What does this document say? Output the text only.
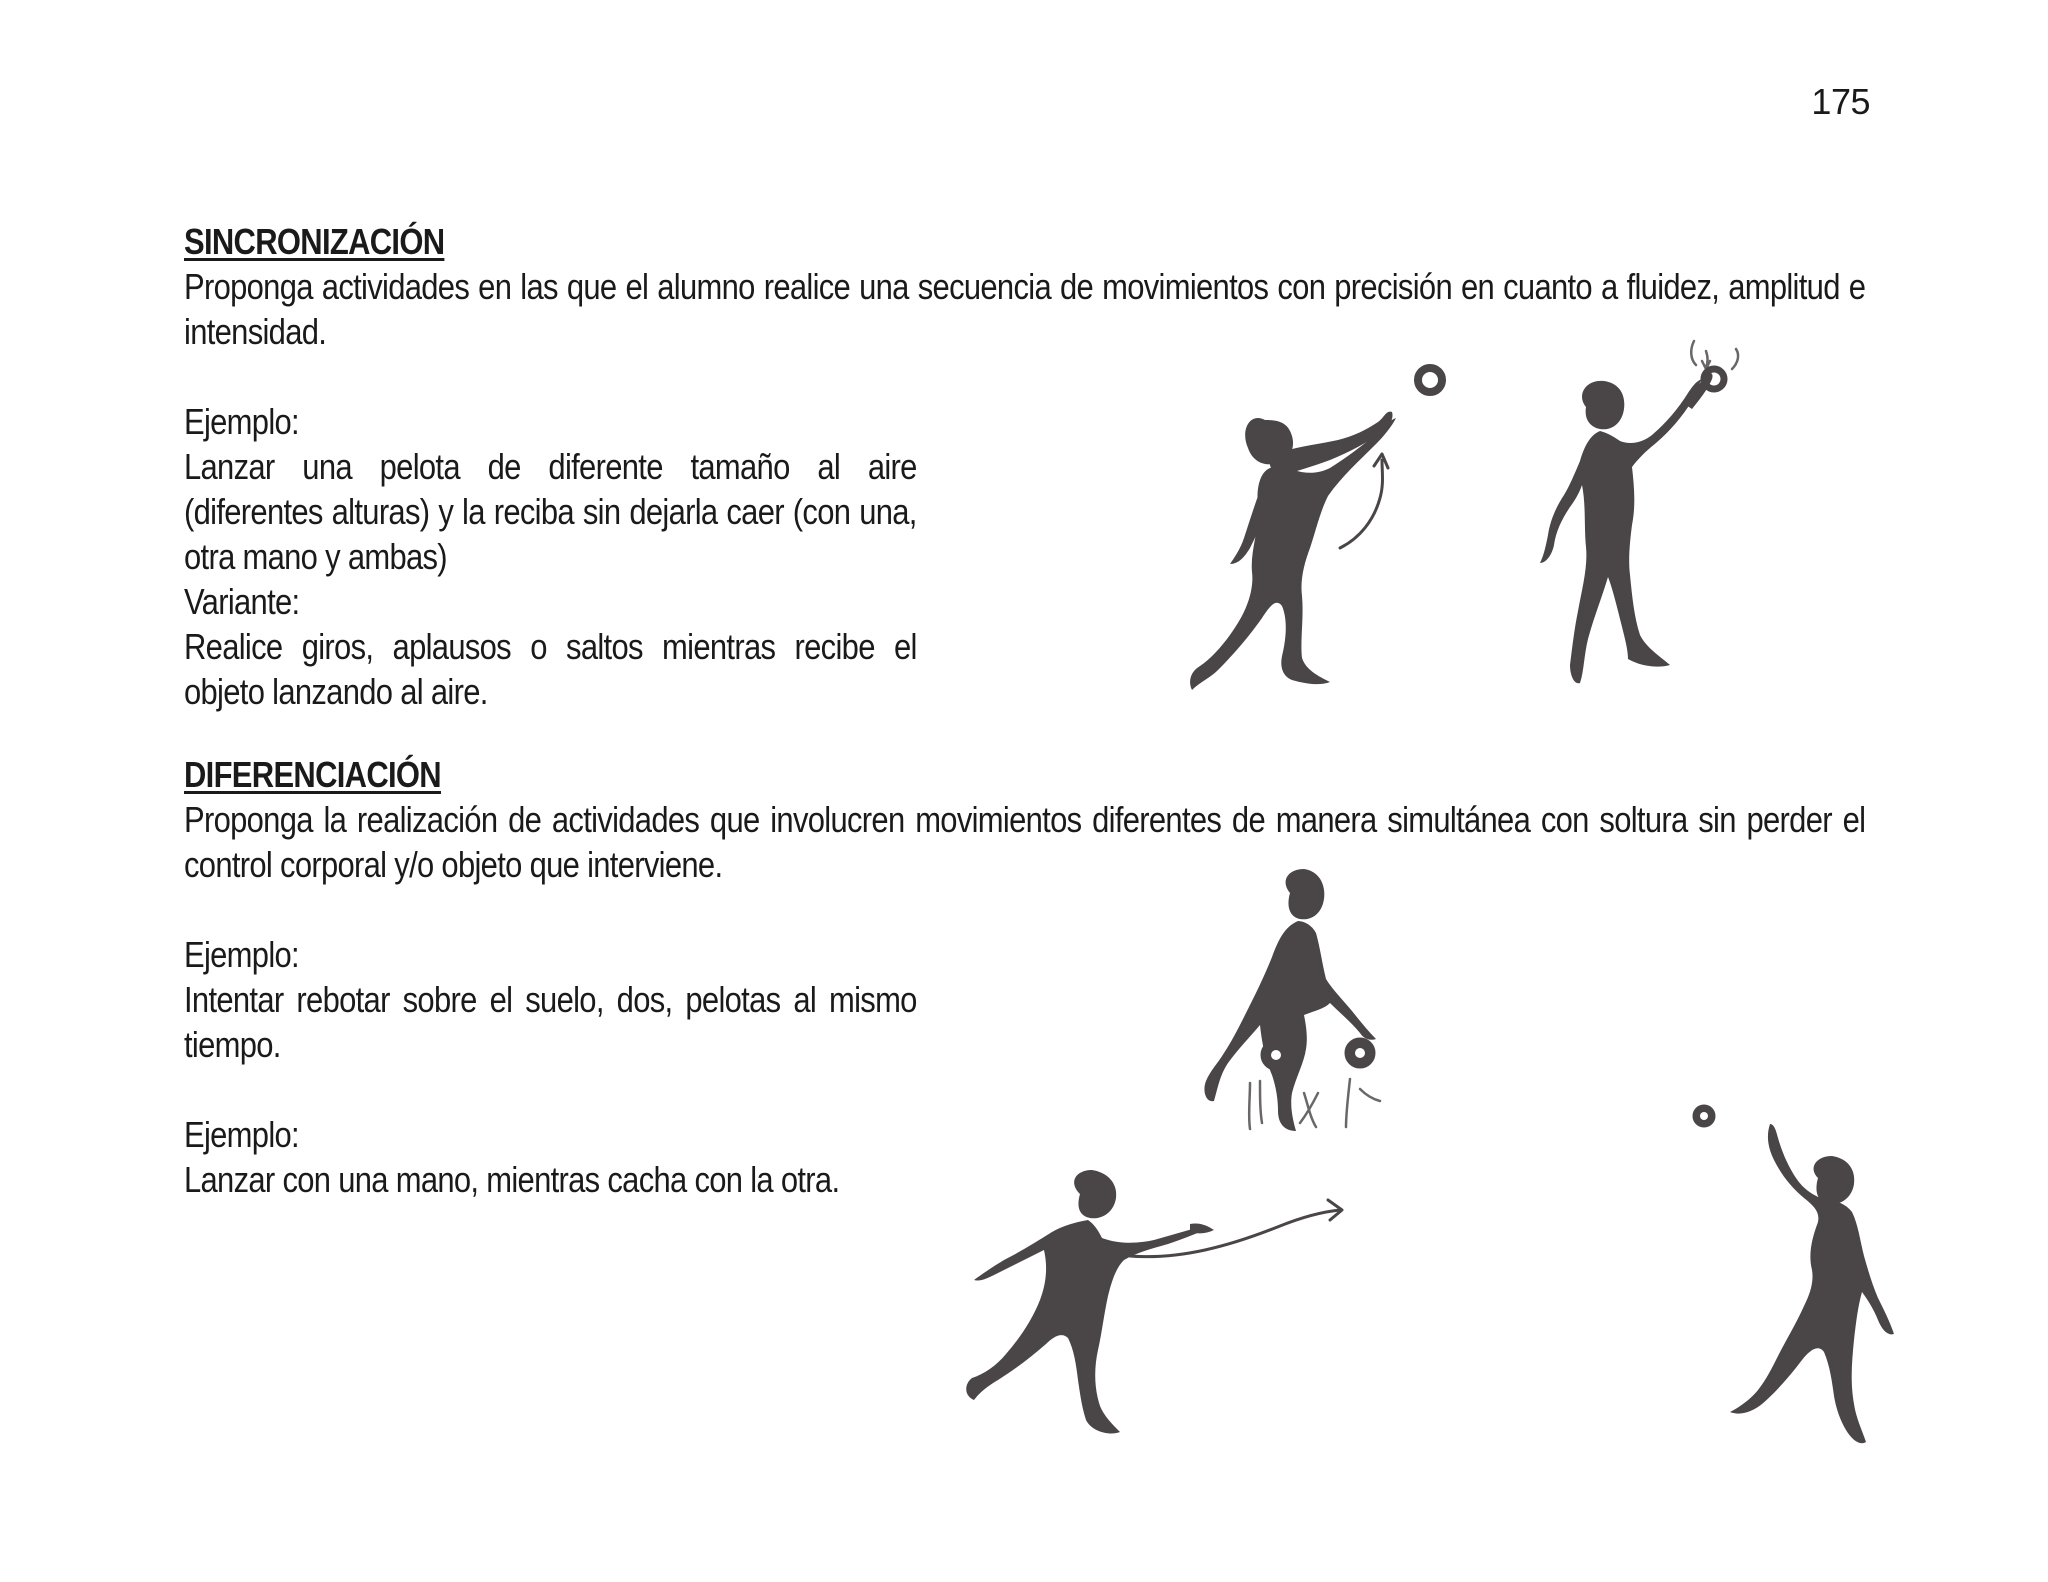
175
SINCRONIZACIÓN
Proponga actividades en las que el alumno realice una secuencia de movimientos con precisión en cuanto a fluidez, amplitud e intensidad.
Ejemplo:
Lanzar una pelota de diferente tamaño al aire (diferentes alturas) y la reciba sin dejarla caer (con una, otra mano y ambas)
Variante:
Realice giros, aplausos o saltos mientras recibe el objeto lanzando al aire.
DIFERENCIACIÓN
Proponga la realización de actividades que involucren movimientos diferentes de manera simultánea con soltura sin perder el control corporal y/o objeto que interviene.
Ejemplo:
Intentar rebotar sobre el suelo, dos, pelotas al mismo tiempo.
Ejemplo:
Lanzar con una mano, mientras cacha con la otra.
